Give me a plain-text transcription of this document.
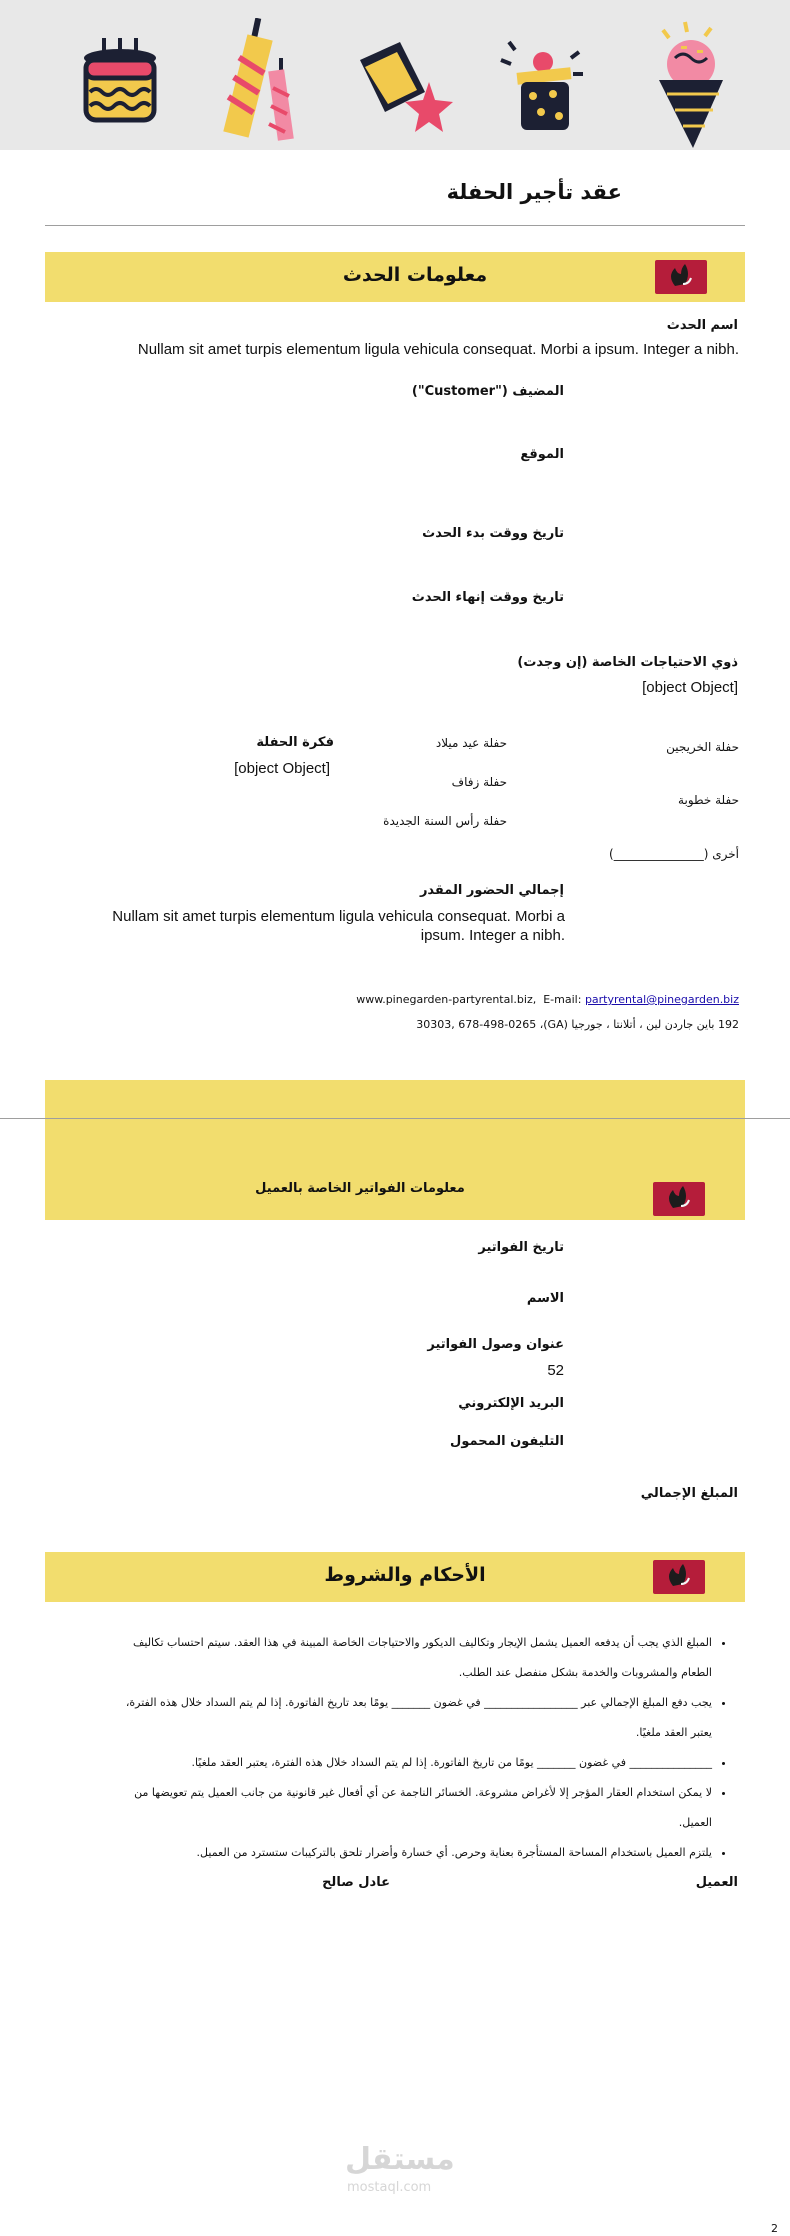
عقد تأجير الحفلة
معلومات الحدث
اسم الحدث
Nullam sit amet turpis elementum ligula vehicula consequat. Morbi a ipsum. Integer a nibh.
المضيف ("Customer")
الموقع
تاريخ ووقت بدء الحدث
تاريخ ووقت إنهاء الحدث
ذوي الاحتياجات الخاصة (إن وجدت)
[object Object]
فكرة الحفلة
[object Object]
حفلة الخريجين
حفلة عيد ميلاد
حفلة زفاف
حفلة خطوبة
حفلة رأس السنة الجديدة
أخرى (_______________)
إجمالي الحضور المقدر
Nullam sit amet turpis elementum ligula vehicula consequat. Morbi a ipsum. Integer a nibh.
www.pinegarden-partyrental.biz, E-mail: partyrental@pinegarden.biz
192 باين جاردن لين ، أتلانتا ، جورجيا (GA)، 30303, 678-498-0265
معلومات الفواتير الخاصة بالعميل
تاريخ الفواتير
الاسم
عنوان وصول الفواتير
52
البريد الإلكتروني
التليفون المحمول
المبلغ الإجمالي
الأحكام والشروط
• المبلغ الذي يجب أن يدفعه العميل يشمل الإيجار وتكاليف الديكور والاحتياجات الخاصة المبينة في هذا العقد. سيتم احتساب تكاليف الطعام والمشروبات والخدمة بشكل منفصل عند الطلب.
• يجب دفع المبلغ الإجمالي عبر _________________ في غضون _______ يومًا بعد تاريخ الفاتورة. إذا لم يتم السداد خلال هذه الفترة، يعتبر العقد ملغيًا.
• _______________ في غضون _______ يومًا من تاريخ الفاتورة. إذا لم يتم السداد خلال هذه الفترة، يعتبر العقد ملغيًا.
• لا يمكن استخدام العقار المؤجر إلا لأغراض مشروعة. الخسائر الناجمة عن أي أفعال غير قانونية من جانب العميل يتم تعويضها من العميل.
• يلتزم العميل باستخدام المساحة المستأجرة بعناية وحرص. أي خسارة وأضرار تلحق بالتركيبات ستسترد من العميل.
العميل
عادل صالح
مستقل
mostaql.com
2
